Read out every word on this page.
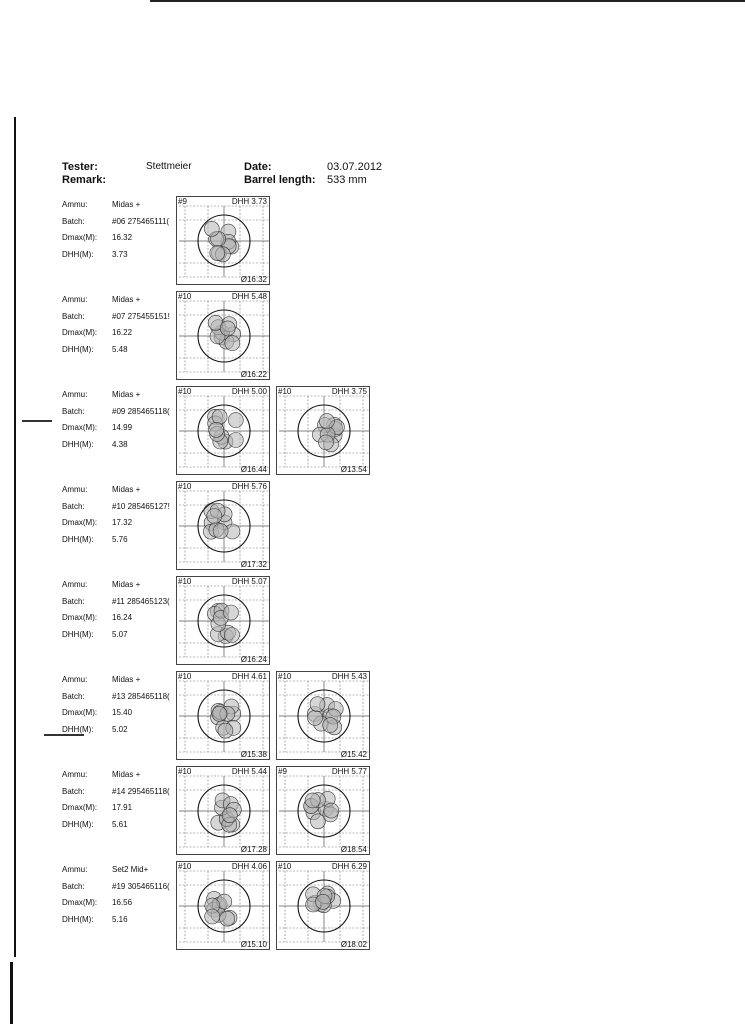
Tester:	Stettmeier	Date:	03.07.2012
Remark:	Barrel length: 533 mm
Ammu:	Midas +
Batch:	#06 275465111(
Dmax(M): 16.32
DHH(M): 3.73
#9	DHH 3.73
Ø16.32
Ammu:	Midas +
Batch:	#07 275455151!
Dmax(M): 16.22
DHH(M): 5.48
#10	DHH 5.48
Ø16.22
Ammu:	Midas +
Batch:	#09 285465118(
Dmax(M): 14.99
DHH(M): 4.38
#10	DHH 5.00
Ø16.44
#10	DHH 3.75
Ø13.54
Ammu:	Midas +
Batch:	#10 285465127!
Dmax(M): 17.32
DHH(M): 5.76
#10	DHH 5.76
Ø17.32
Ammu:	Midas +
Batch:	#11 285465123(
Dmax(M): 16.24
DHH(M): 5.07
#10	DHH 5.07
Ø16.24
Ammu:	Midas +
Batch:	#13 285465118(
Dmax(M): 15.40
DHH(M): 5.02
#10	DHH 4.61
Ø15.38
#10	DHH 5.43
Ø15.42
Ammu:	Midas +
Batch:	#14 295465118(
Dmax(M): 17.91
DHH(M): 5.61
#10	DHH 5.44
Ø17.28
#9	DHH 5.77
Ø18.54
Ammu:	Set2 Mid+
Batch:	#19 305465116(
Dmax(M): 16.56
DHH(M): 5.16
#10	DHH 4.06
Ø15.10
#10	DHH 6.29
Ø18.02
